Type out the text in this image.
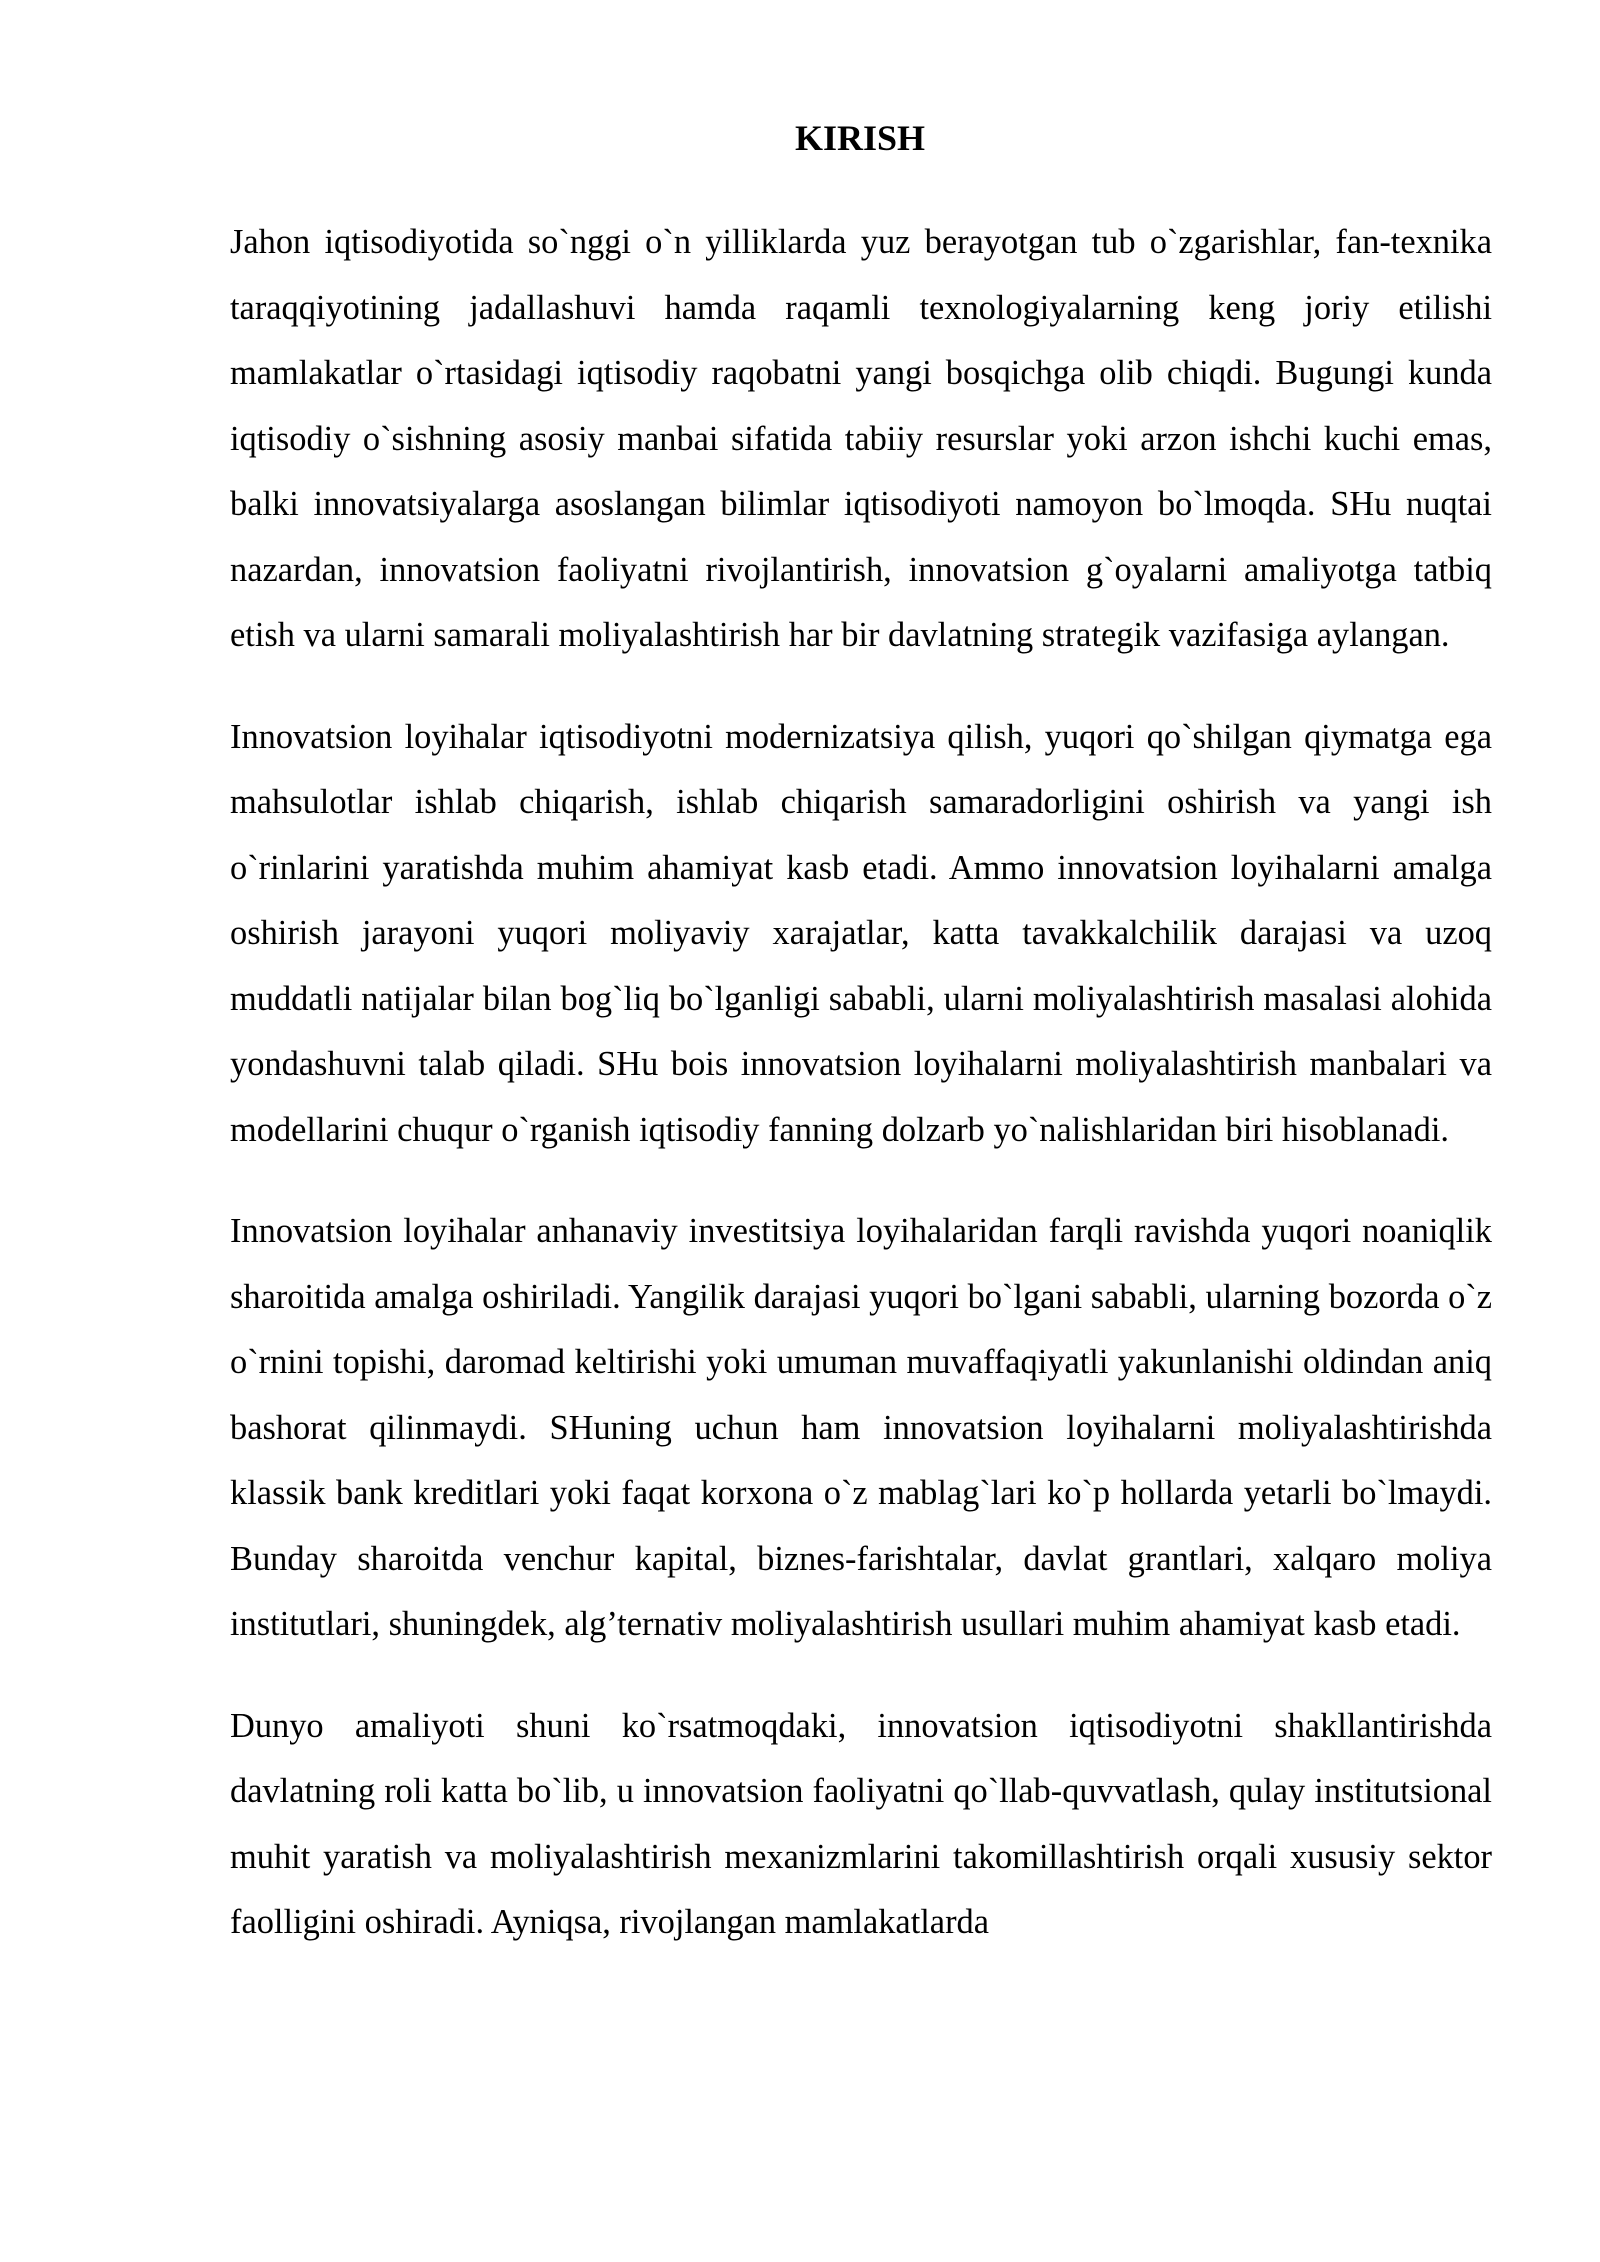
KIRISH

Jahon iqtisodiyotida so`nggi o`n yilliklarda yuz berayotgan tub o`zgarishlar, fan-texnika taraqqiyotining jadallashuvi hamda raqamli texnologiyalarning keng joriy etilishi mamlakatlar o`rtasidagi iqtisodiy raqobatni yangi bosqichga olib chiqdi. Bugungi kunda iqtisodiy o`sishning asosiy manbai sifatida tabiiy resurslar yoki arzon ishchi kuchi emas, balki innovatsiyalarga asoslangan bilimlar iqtisodiyoti namoyon bo`lmoqda. SHu nuqtai nazardan, innovatsion faoliyatni rivojlantirish, innovatsion g`oyalarni amaliyotga tatbiq etish va ularni samarali moliyalashtirish har bir davlatning strategik vazifasiga aylangan.

Innovatsion loyihalar iqtisodiyotni modernizatsiya qilish, yuqori qo`shilgan qiymatga ega mahsulotlar ishlab chiqarish, ishlab chiqarish samaradorligini oshirish va yangi ish o`rinlarini yaratishda muhim ahamiyat kasb etadi. Ammo innovatsion loyihalarni amalga oshirish jarayoni yuqori moliyaviy xarajatlar, katta tavakkalchilik darajasi va uzoq muddatli natijalar bilan bog`liq bo`lganligi sababli, ularni moliyalashtirish masalasi alohida yondashuvni talab qiladi. SHu bois innovatsion loyihalarni moliyalashtirish manbalari va modellarini chuqur o`rganish iqtisodiy fanning dolzarb yo`nalishlaridan biri hisoblanadi.

Innovatsion loyihalar anhanaviy investitsiya loyihalaridan farqli ravishda yuqori noaniqlik sharoitida amalga oshiriladi. Yangilik darajasi yuqori bo`lgani sababli, ularning bozorda o`z o`rnini topishi, daromad keltirishi yoki umuman muvaffaqiyatli yakunlanishi oldindan aniq bashorat qilinmaydi. SHuning uchun ham innovatsion loyihalarni moliyalashtirishda klassik bank kreditlari yoki faqat korxona o`z mablag`lari ko`p hollarda yetarli bo`lmaydi. Bunday sharoitda venchur kapital, biznes-farishtalar, davlat grantlari, xalqaro moliya institutlari, shuningdek, alg’ternativ moliyalashtirish usullari muhim ahamiyat kasb etadi.

Dunyo amaliyoti shuni ko`rsatmoqdaki, innovatsion iqtisodiyotni shakllantirishda davlatning roli katta bo`lib, u innovatsion faoliyatni qo`llab-quvvatlash, qulay institutsional muhit yaratish va moliyalashtirish mexanizmlarini takomillashtirish orqali xususiy sektor faolligini oshiradi. Ayniqsa, rivojlangan mamlakatlarda
